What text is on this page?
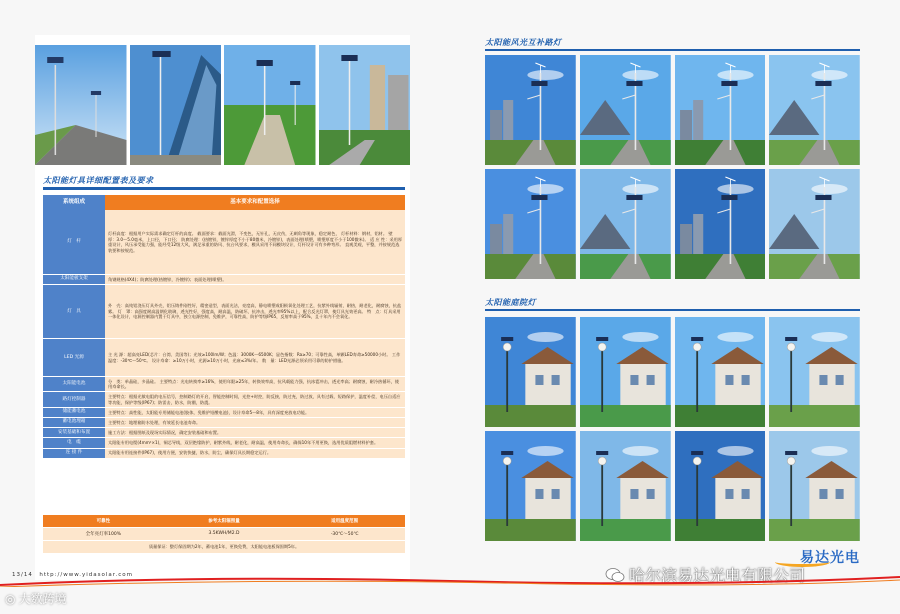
太阳能灯具详细配置表及要求
系统组成	基本要求和配置选择
灯　杆	灯杆高度：根据用户实际需求确定灯杆的高度。 截面要求：截面光滑，不变色，无针孔，无皮伤，无刺角等现象，稳定耐色， 灯杆材料：钢材，铝材。 壁　厚：3.0～5.0毫米，上口径，下口径； 防腐处理：(热镀锌，镀锌厚度不小于80微米，冷镀锌)，表面处理(喷塑，喷塑厚度不小于100微米)。 适 应 性：采用厚重设计，风压承受能力强，能经受12级大风，满足承重的防风、抗台风要求，模具采用不同模块设计，灯杆设计可有多种弯形。 直观美观，平整，并按规范选装要和按规范。
太阳能板支架	角钢规格(4X4)；防腐处理(热镀锌，冷镀锌)；表面处理(喷塑)。
灯　具	外　壳：高纯铝浇压灯具外壳，铝压铸件刚性好，精密造型，表面光洁，亮度高，静电喷塑或阳极氧化处理工艺，抗紫外线辐射，耐热，耐老化，耐腐蚀，抗盐雾。 灯　罩：高强度耐高温钢化玻璃，透光性好，强度高，耐高温，防破坏，抗冲击，透光率95%以上，配合反光灯罩，使灯具光效更高。 特　点：灯具采用一体化设计，电源控制器内置于灯具中，独立电源控制，免维护，可靠性高，防护等级IP65，反射率高于95%，且十年内不会氧化。
LED 光源	主 光 源：超高亮LED(芯片：台湾、美国等)；光效≥100lm/W；色温：3000K～6500K；显色指数：Ra≥70；可靠性高，单颗LED寿命≥50000小时。 工作温度：-30℃～50℃。 设计寿命：≥10万小时，光源≥10万小时，光衰≤3%/年。 数　量：LED光源必须采用可靠的防护措施。
太阳能电池	分　类：单晶硅，多晶硅。 主要特点：光电转换率≥16%，使用年限≥25年，转换效率高，抗风载能力强，抗冰雹冲击，透光率高；耐腐蚀，耐冷热循环，使用寿命长。
路灯控制器	主要特点：根据光敏电阻的电压信号，控制路灯的开启，智能控制时间，光控+时控，防反接，防过充，防过放，具有过载、短路保护，温度补偿，电压自适应等功能，保护等级(IP67)；防雷击，防水，防潮，防震。
储能蓄电池	主要特点：高性能，太阳能专用储能电池(胶体，免维护铅酸电池)，设计寿命5～8年，具有深度充放电功能。
蓄电池埋箱	主要特点：地埋箱防水处理，有效延长电池寿命。
安装基础和布置	施工方法：根据图纸及现场实际情况，确定安装基础和布置。
电　缆	太阳能专用电缆(4mm²×1)，铜芯导线，双层绝缘防护，耐紫外线，耐老化，耐高温，使用寿命长，确保10年不用更换，选用优质阻燃材料护套。
连 接 件	太阳能专用连接件(IP67)，使用方便，安装快捷，防水，防尘，确保灯具长期稳定运行。
可靠性	参考太阳辐照量	适用温度范围
全年亮灯率100%	3.5KWH/M2.D	-30℃～50℃
质量保证：整灯保固期为2年，蓄电池1年，更换免费，太阳能电池板保固期5年。
13/14　http://www.yidasolar.com
太阳能风光互补路灯
太阳能庭院灯
易达光电
哈尔滨易达光电有限公司
◎ 大数跨境
